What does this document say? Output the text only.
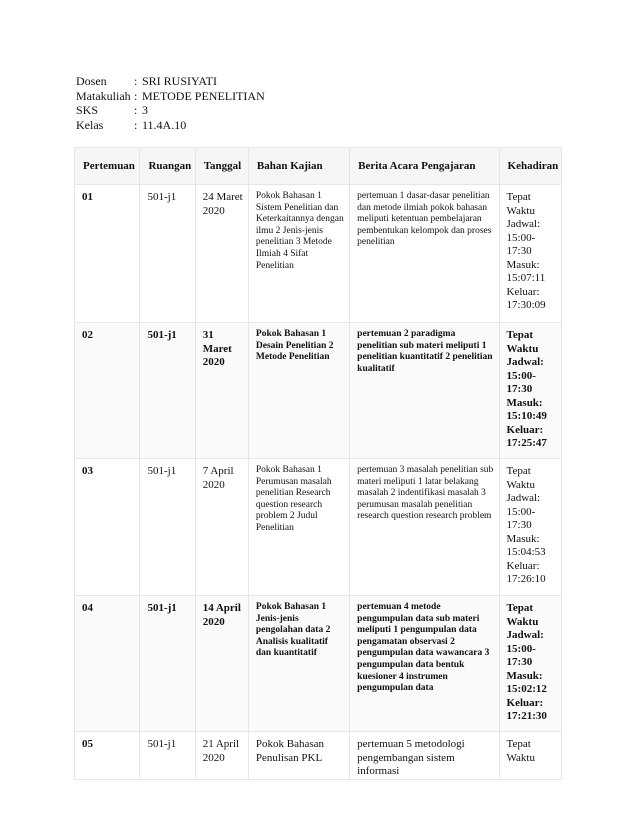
Dosen	: SRI RUSIYATI
Matakuliah : METODE PENELITIAN
SKS	: 3
Kelas	: 11.4A.10
Pertemuan	Ruangan	Tanggal	Bahan Kajian	Berita Acara Pengajaran	Kehadiran
01	501-j1	24 Maret 2020	Pokok Bahasan 1 Sistem Penelitian dan Keterkaitannya dengan ilmu 2 Jenis-jenis penelitian 3 Metode Ilmiah 4 Sifat Penelitian	pertemuan 1 dasar-dasar penelitian dan metode ilmiah pokok bahasan meliputi ketentuan pembelajaran pembentukan kelompok dan proses penelitian	Tepat Waktu Jadwal: 15:00-17:30 Masuk: 15:07:11 Keluar: 17:30:09
02	501-j1	31 Maret 2020	Pokok Bahasan 1 Desain Penelitian 2 Metode Penelitian	pertemuan 2 paradigma penelitian sub materi meliputi 1 penelitian kuantitatif 2 penelitian kualitatif	Tepat Waktu Jadwal: 15:00-17:30 Masuk: 15:10:49 Keluar: 17:25:47
03	501-j1	7 April 2020	Pokok Bahasan 1 Perumusan masalah penelitian Research question research problem 2 Judul Penelitian	pertemuan 3 masalah penelitian sub materi meliputi 1 latar belakang masalah 2 indentifikasi masalah 3 perumusan masalah penelitian research question research problem	Tepat Waktu Jadwal: 15:00-17:30 Masuk: 15:04:53 Keluar: 17:26:10
04	501-j1	14 April 2020	Pokok Bahasan 1 Jenis-jenis pengolahan data 2 Analisis kualitatif dan kuantitatif	pertemuan 4 metode pengumpulan data sub materi meliputi 1 pengumpulan data pengamatan observasi 2 pengumpulan data wawancara 3 pengumpulan data bentuk kuesioner 4 instrumen pengumpulan data	Tepat Waktu Jadwal: 15:00-17:30 Masuk: 15:02:12 Keluar: 17:21:30
05	501-j1	21 April 2020	Pokok Bahasan Penulisan PKL	pertemuan 5 metodologi pengembangan sistem informasi	Tepat Waktu
